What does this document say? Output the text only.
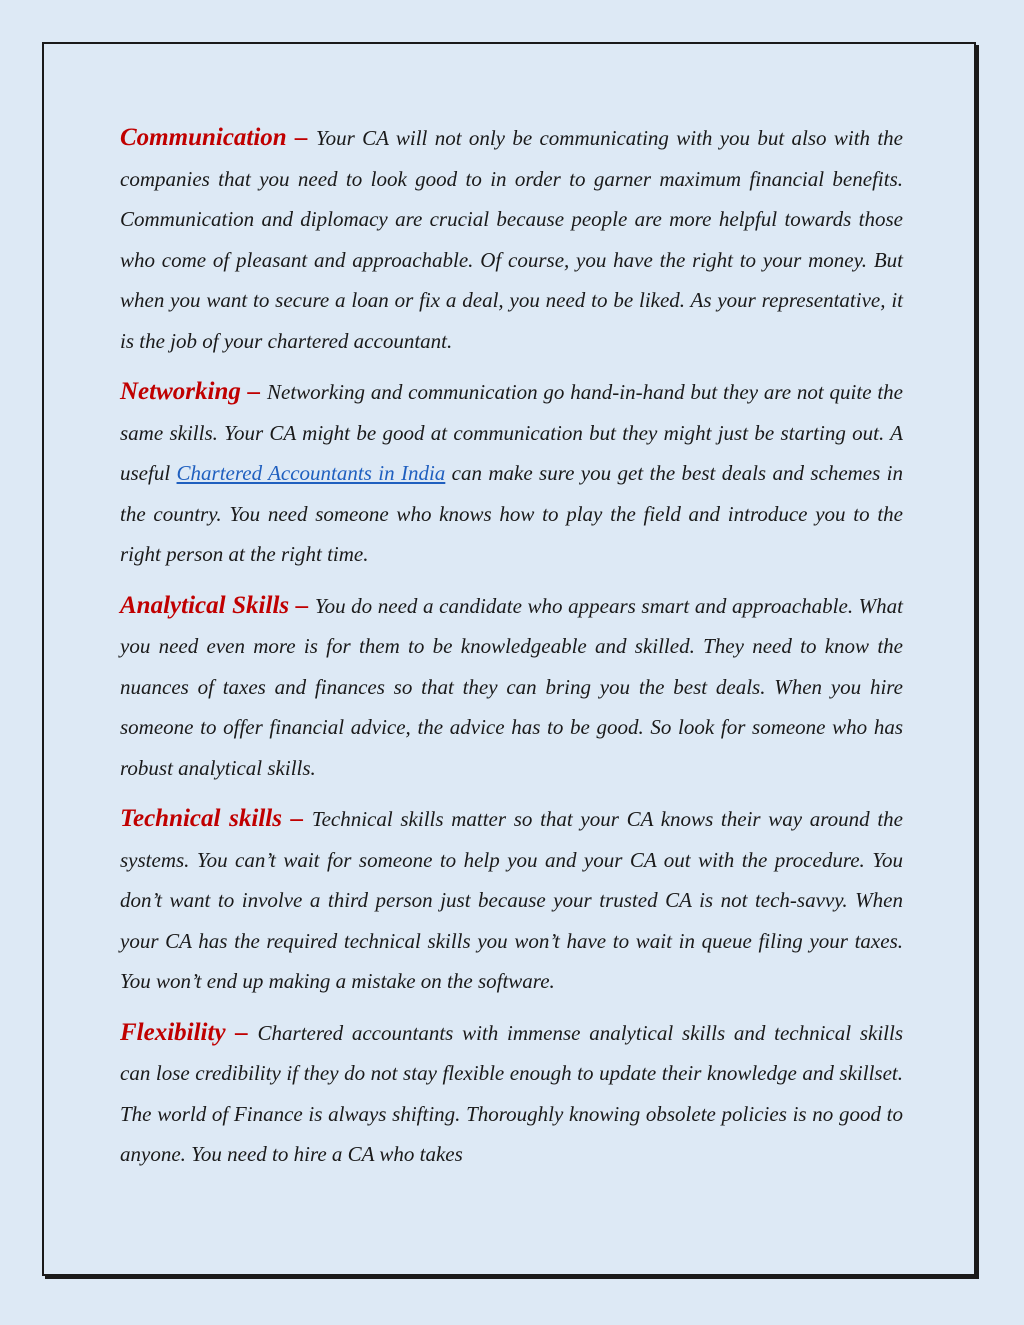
Communication – Your CA will not only be communicating with you but also with the companies that you need to look good to in order to garner maximum financial benefits. Communication and diplomacy are crucial because people are more helpful towards those who come of pleasant and approachable. Of course, you have the right to your money. But when you want to secure a loan or fix a deal, you need to be liked. As your representative, it is the job of your chartered accountant.

Networking – Networking and communication go hand-in-hand but they are not quite the same skills. Your CA might be good at communication but they might just be starting out. A useful Chartered Accountants in India can make sure you get the best deals and schemes in the country. You need someone who knows how to play the field and introduce you to the right person at the right time.

Analytical Skills – You do need a candidate who appears smart and approachable. What you need even more is for them to be knowledgeable and skilled. They need to know the nuances of taxes and finances so that they can bring you the best deals. When you hire someone to offer financial advice, the advice has to be good. So look for someone who has robust analytical skills.

Technical skills – Technical skills matter so that your CA knows their way around the systems. You can’t wait for someone to help you and your CA out with the procedure. You don’t want to involve a third person just because your trusted CA is not tech-savvy. When your CA has the required technical skills you won’t have to wait in queue filing your taxes. You won’t end up making a mistake on the software.

Flexibility – Chartered accountants with immense analytical skills and technical skills can lose credibility if they do not stay flexible enough to update their knowledge and skillset. The world of Finance is always shifting. Thoroughly knowing obsolete policies is no good to anyone. You need to hire a CA who takes
